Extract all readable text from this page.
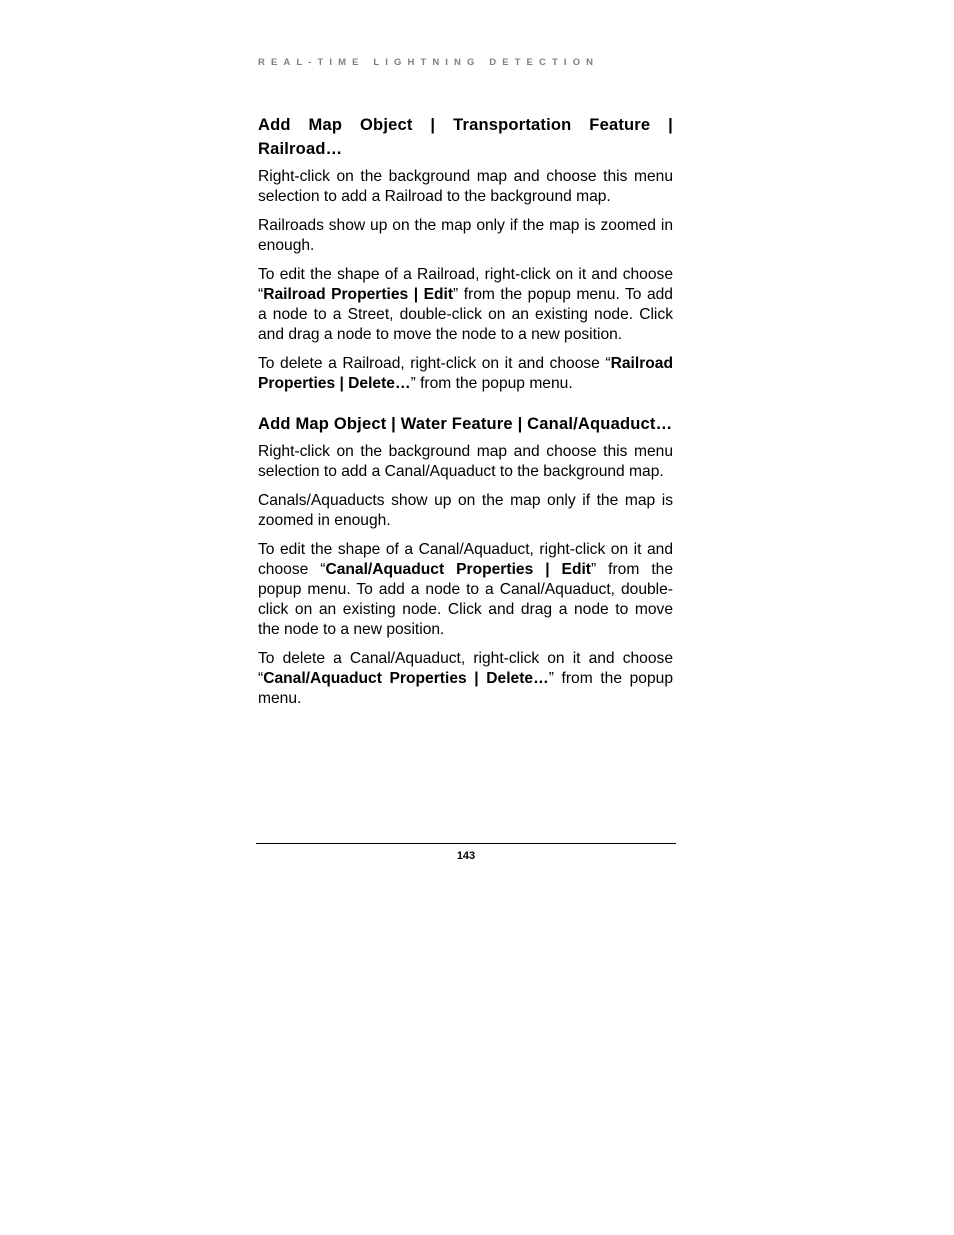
REAL-TIME LIGHTNING DETECTION
Add Map Object | Transportation Feature | Railroad…

Right-click on the background map and choose this menu selection to add a Railroad to the background map.

Railroads show up on the map only if the map is zoomed in enough.

To edit the shape of a Railroad, right-click on it and choose “Railroad Properties | Edit” from the popup menu. To add a node to a Street, double-click on an existing node. Click and drag a node to move the node to a new position.

To delete a Railroad, right-click on it and choose “Railroad Properties | Delete…” from the popup menu.

Add Map Object | Water Feature | Canal/Aquaduct…

Right-click on the background map and choose this menu selection to add a Canal/Aquaduct to the background map.

Canals/Aquaducts show up on the map only if the map is zoomed in enough.

To edit the shape of a Canal/Aquaduct, right-click on it and choose “Canal/Aquaduct Properties | Edit” from the popup menu. To add a node to a Canal/Aquaduct, double-click on an existing node. Click and drag a node to move the node to a new position.

To delete a Canal/Aquaduct, right-click on it and choose “Canal/Aquaduct Properties | Delete…” from the popup menu.

143
